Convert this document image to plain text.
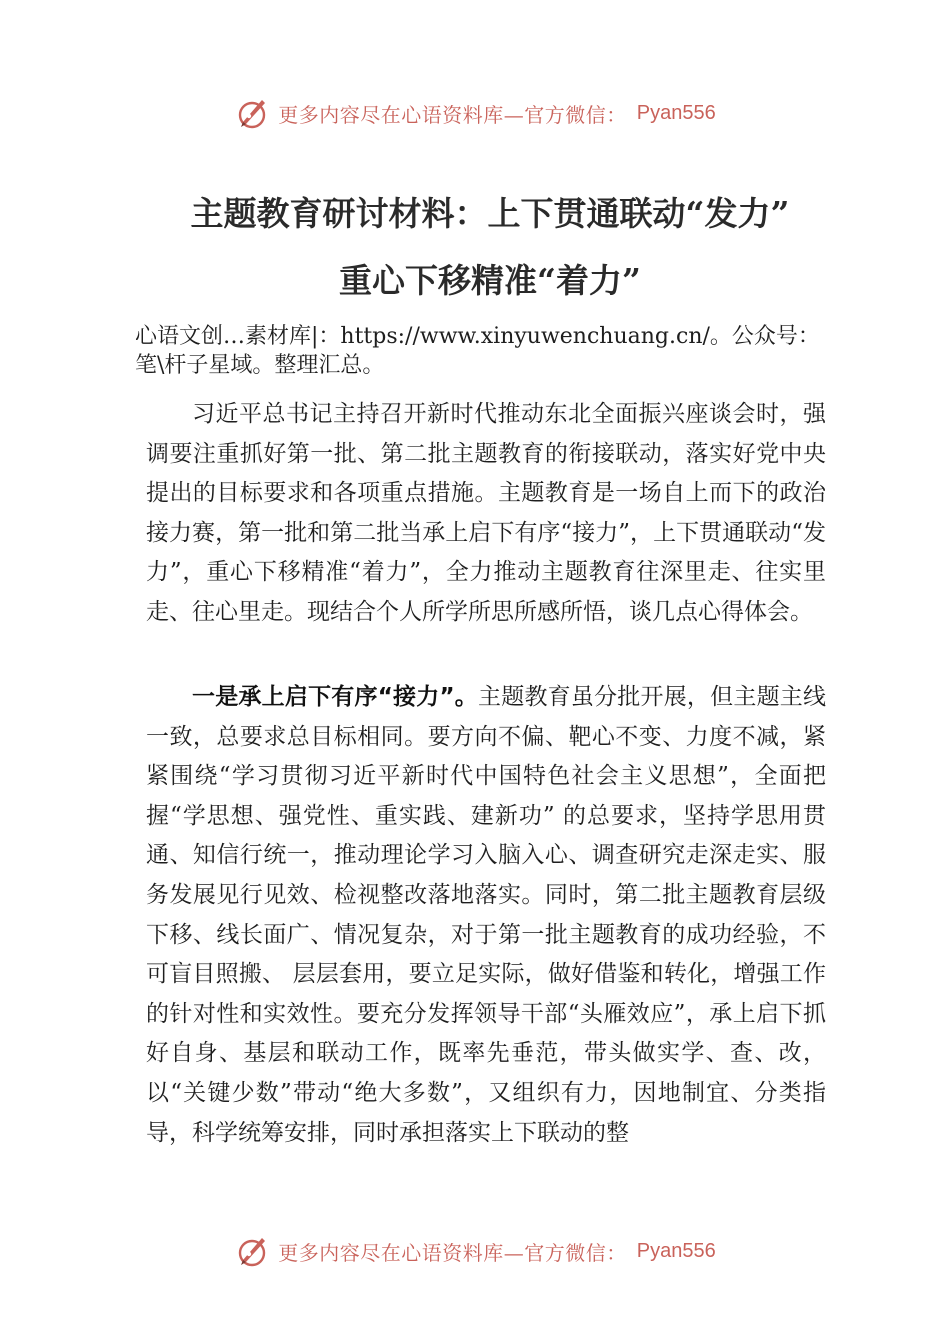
更多内容尽在心语资料库—官方微信： Pyan556
主题教育研讨材料：上下贯通联动“发力”
重心下移精准“着力”
心语文创…素材库|：https://www.xinyuwenchuang.cn/。公众号：笔\杆子星域。整理汇总。

习近平总书记主持召开新时代推动东北全面振兴座谈会时，强调要注重抓好第一批、第二批主题教育的衔接联动，落实好党中央提出的目标要求和各项重点措施。主题教育是一场自上而下的政治接力赛，第一批和第二批当承上启下有序“接力”，上下贯通联动“发力”，重心下移精准“着力”，全力推动主题教育往深里走、往实里走、往心里走。现结合个人所学所思所感所悟，谈几点心得体会。

一是承上启下有序“接力”。主题教育虽分批开展，但主题主线一致，总要求总目标相同。要方向不偏、靶心不变、力度不减，紧紧围绕“学习贯彻习近平新时代中国特色社会主义思想”，全面把握“学思想、强党性、重实践、建新功” 的总要求，坚持学思用贯通、知信行统一，推动理论学习入脑入心、调查研究走深走实、服务发展见行见效、检视整改落地落实。同时，第二批主题教育层级下移、线长面广、情况复杂，对于第一批主题教育的成功经验，不可盲目照搬、 层层套用，要立足实际，做好借鉴和转化，增强工作的针对性和实效性。要充分发挥领导干部“头雁效应”，承上启下抓好自身、基层和联动工作，既率先垂范，带头做实学、查、改，以“关键少数”带动“绝大多数”，又组织有力，因地制宜、分类指导，科学统筹安排，同时承担落实上下联动的整

更多内容尽在心语资料库—官方微信： Pyan556
